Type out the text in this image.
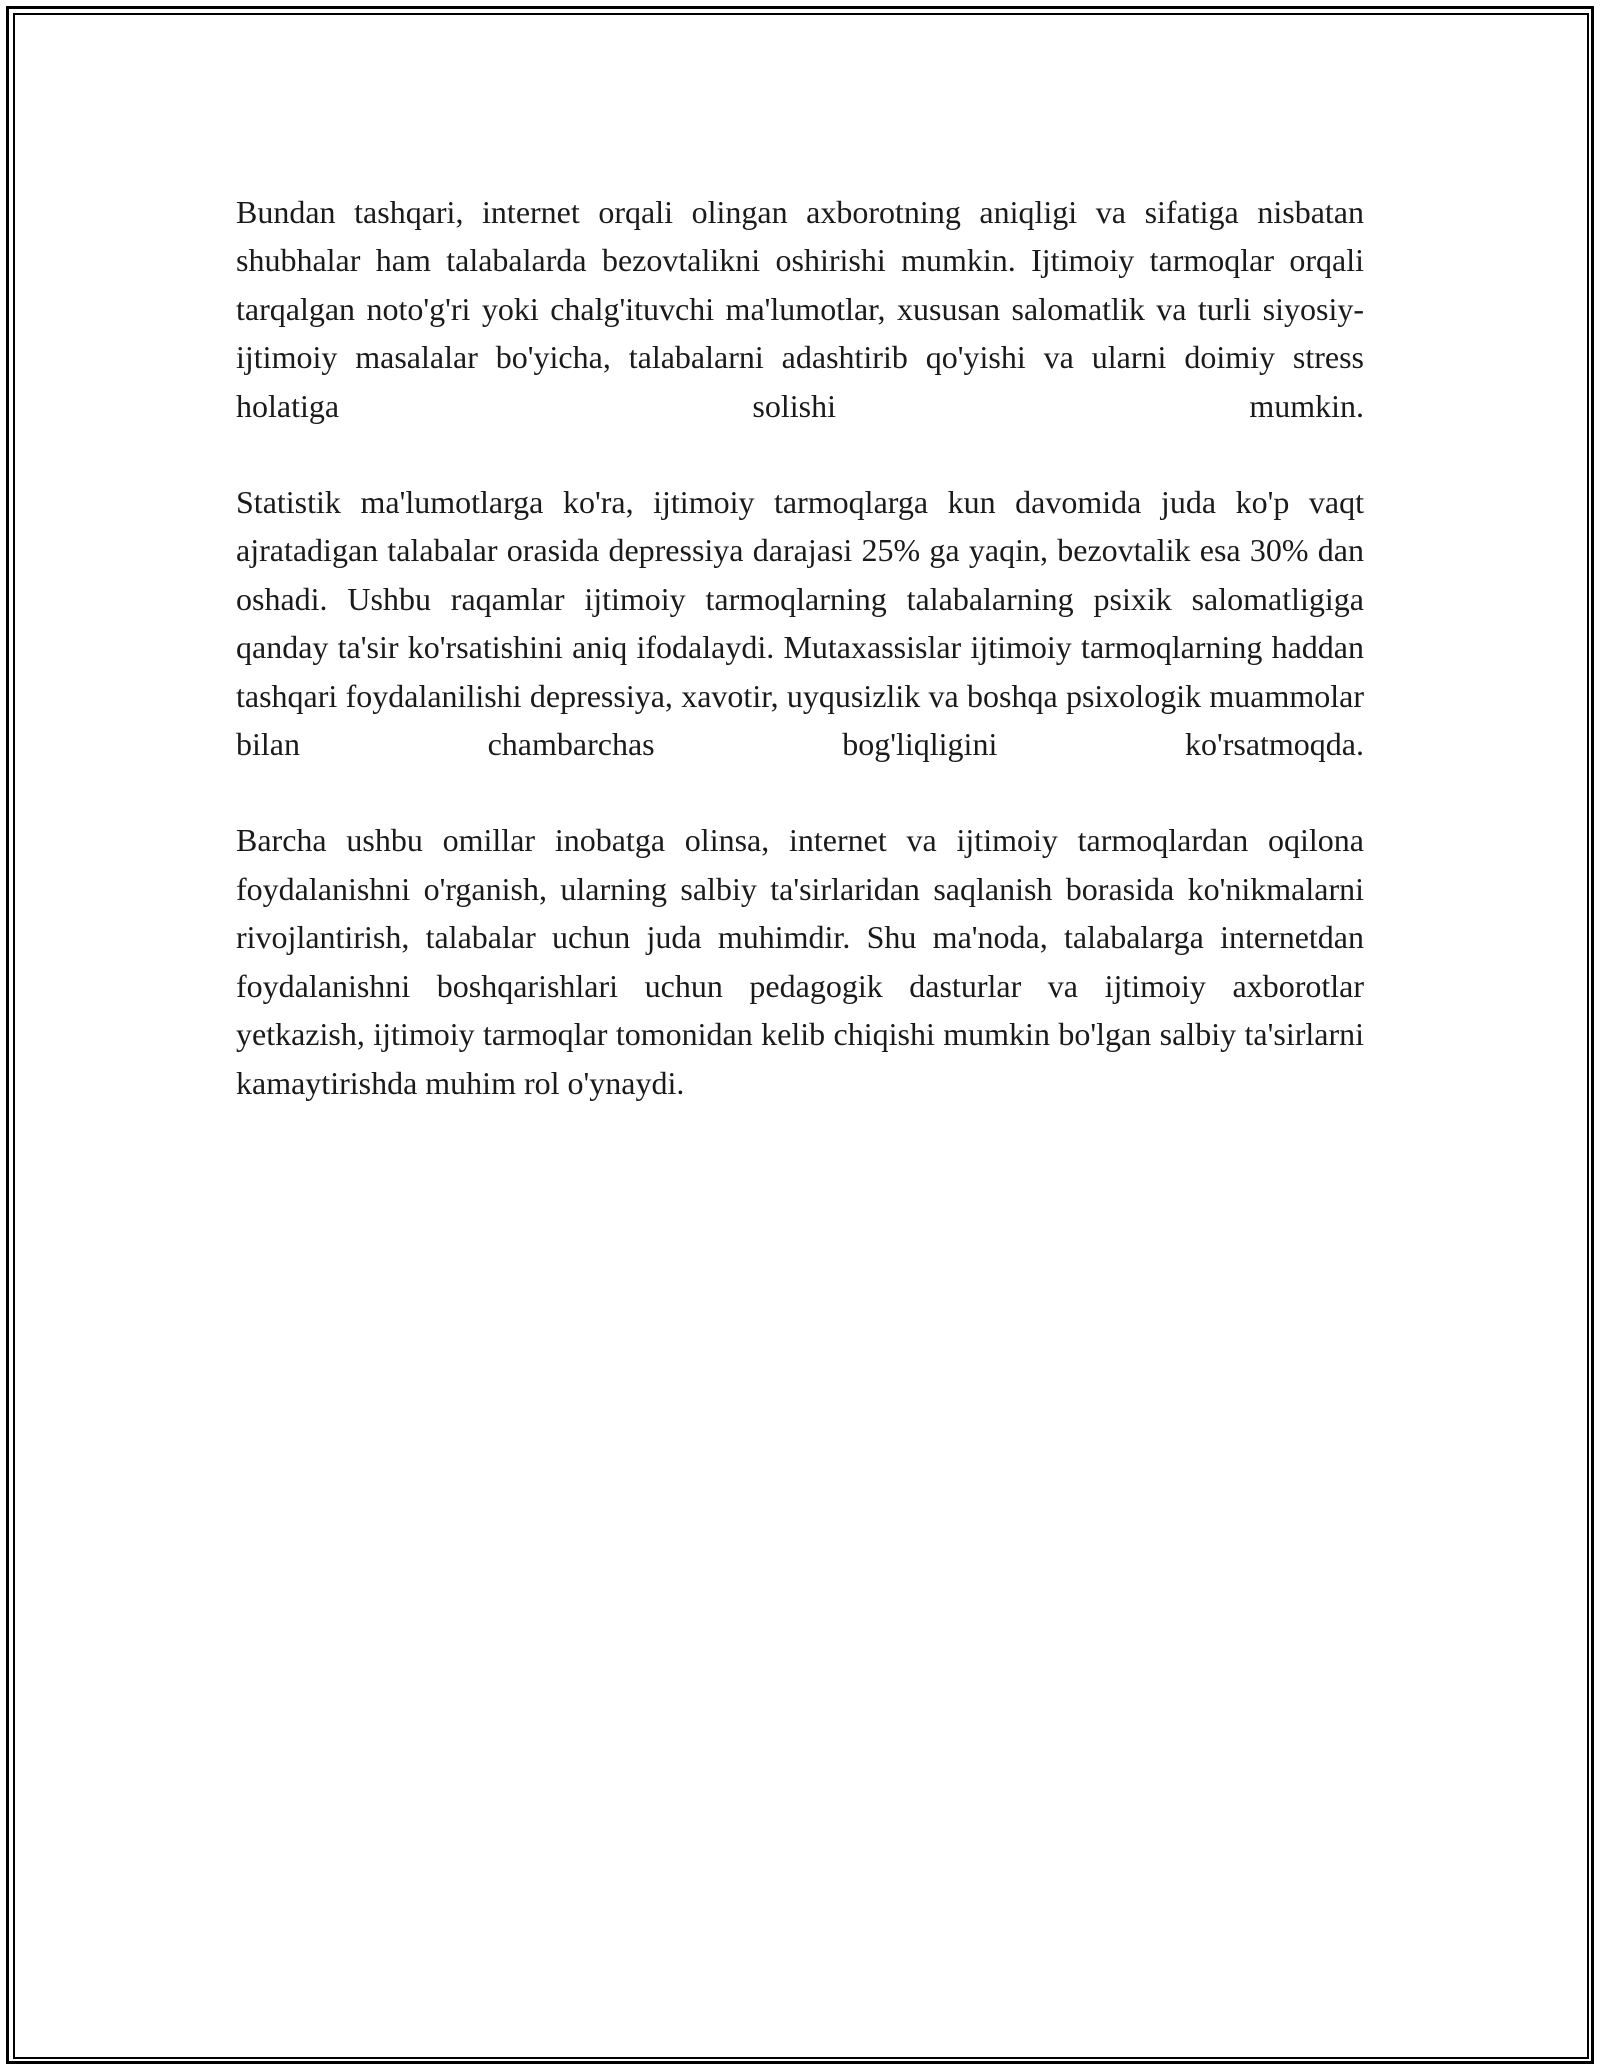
Bundan tashqari, internet orqali olingan axborotning aniqligi va sifatiga nisbatan shubhalar ham talabalarda bezovtalikni oshirishi mumkin. Ijtimoiy tarmoqlar orqali tarqalgan noto'g'ri yoki chalg'ituvchi ma'lumotlar, xususan salomatlik va turli siyosiy-ijtimoiy masalalar bo'yicha, talabalarni adashtirib qo'yishi va ularni doimiy stress holatiga solishi mumkin.

Statistik ma'lumotlarga ko'ra, ijtimoiy tarmoqlarga kun davomida juda ko'p vaqt ajratadigan talabalar orasida depressiya darajasi 25% ga yaqin, bezovtalik esa 30% dan oshadi. Ushbu raqamlar ijtimoiy tarmoqlarning talabalarning psixik salomatligiga qanday ta'sir ko'rsatishini aniq ifodalaydi. Mutaxassislar ijtimoiy tarmoqlarning haddan tashqari foydalanilishi depressiya, xavotir, uyqusizlik va boshqa psixologik muammolar bilan chambarchas bog'liqligini ko'rsatmoqda.

Barcha ushbu omillar inobatga olinsa, internet va ijtimoiy tarmoqlardan oqilona foydalanishni o'rganish, ularning salbiy ta'sirlaridan saqlanish borasida ko'nikmalarni rivojlantirish, talabalar uchun juda muhimdir. Shu ma'noda, talabalarga internetdan foydalanishni boshqarishlari uchun pedagogik dasturlar va ijtimoiy axborotlar yetkazish, ijtimoiy tarmoqlar tomonidan kelib chiqishi mumkin bo'lgan salbiy ta'sirlarni kamaytirishda muhim rol o'ynaydi.
